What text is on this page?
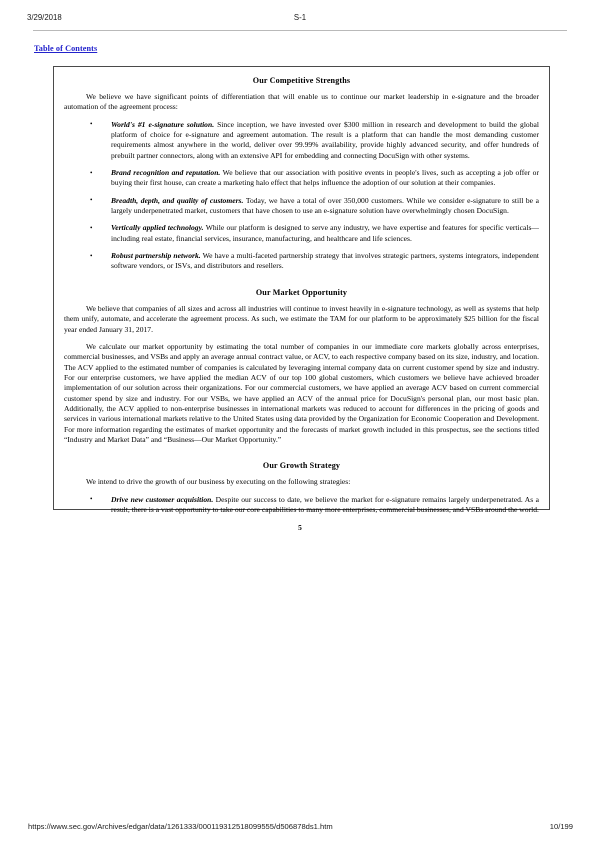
3/29/2018	S-1
Table of Contents
Our Competitive Strengths

We believe we have significant points of differentiation that will enable us to continue our market leadership in e-signature and the broader automation of the agreement process:

• World's #1 e-signature solution. Since inception, we have invested over $300 million in research and development to build the global platform of choice for e-signature and agreement automation. The result is a platform that can handle the most demanding customer requirements almost anywhere in the world, deliver over 99.99% availability, provide highly advanced security, and offer hundreds of prebuilt partner connectors, along with an extensive API for embedding and connecting DocuSign with other systems.
• Brand recognition and reputation. We believe that our association with positive events in people's lives, such as accepting a job offer or buying their first house, can create a marketing halo effect that helps influence the adoption of our solution at their companies.
• Breadth, depth, and quality of customers. Today, we have a total of over 350,000 customers. While we consider e-signature to still be a largely underpenetrated market, customers that have chosen to use an e-signature solution have overwhelmingly chosen DocuSign.
• Vertically applied technology. While our platform is designed to serve any industry, we have expertise and features for specific verticals—including real estate, financial services, insurance, manufacturing, and healthcare and life sciences.
• Robust partnership network. We have a multi-faceted partnership strategy that involves strategic partners, systems integrators, independent software vendors, or ISVs, and distributors and resellers.
Our Market Opportunity

We believe that companies of all sizes and across all industries will continue to invest heavily in e-signature technology, as well as systems that help them unify, automate, and accelerate the agreement process. As such, we estimate the TAM for our platform to be approximately $25 billion for the fiscal year ended January 31, 2017.

We calculate our market opportunity by estimating the total number of companies in our immediate core markets globally across enterprises, commercial businesses, and VSBs and apply an average annual contract value, or ACV, to each respective company based on its size, industry, and location. The ACV applied to the estimated number of companies is calculated by leveraging internal company data on current customer spend by size and industry. For our enterprise customers, we have applied the median ACV of our top 100 global customers, which customers we believe have achieved broader implementation of our solution across their organizations. For our commercial customers, we have applied an average ACV based on current commercial customer spend by size and industry. For our VSBs, we have applied an ACV of the annual price for DocuSign's personal plan, our most basic plan. Additionally, the ACV applied to non-enterprise businesses in international markets was reduced to account for differences in the pricing of goods and services in various international markets relative to the United States using data provided by the Organization for Economic Cooperation and Development. For more information regarding the estimates of market opportunity and the forecasts of market growth included in this prospectus, see the sections titled “Industry and Market Data” and “Business—Our Market Opportunity.”

Our Growth Strategy

We intend to drive the growth of our business by executing on the following strategies:

• Drive new customer acquisition. Despite our success to date, we believe the market for e-signature remains largely underpenetrated. As a result, there is a vast opportunity to take our core capabilities to many more enterprises, commercial businesses, and VSBs around the world.
5
https://www.sec.gov/Archives/edgar/data/1261333/000119312518099555/d506878ds1.htm	10/199
